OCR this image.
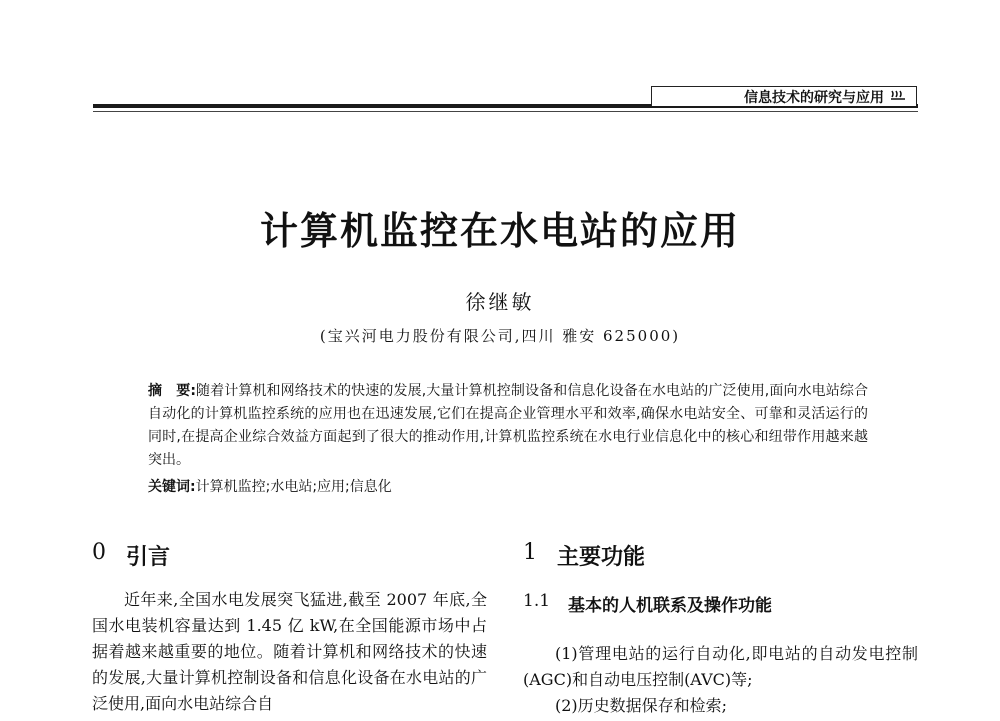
信息技术的研究与应用
计算机监控在水电站的应用
徐继敏
(宝兴河电力股份有限公司,四川 雅安 625000)
摘　要:随着计算机和网络技术的快速的发展,大量计算机控制设备和信息化设备在水电站的广泛使用,面向水电站综合自动化的计算机监控系统的应用也在迅速发展,它们在提高企业管理水平和效率,确保水电站安全、可靠和灵活运行的同时,在提高企业综合效益方面起到了很大的推动作用,计算机监控系统在水电行业信息化中的核心和纽带作用越来越突出。
关键词:计算机监控;水电站;应用;信息化
0 引言

近年来,全国水电发展突飞猛进,截至 2007 年底,全国水电装机容量达到 1.45 亿 kW,在全国能源市场中占据着越来越重要的地位。随着计算机和网络技术的快速的发展,大量计算机控制设备和信息化设备在水电站的广泛使用,面向水电站综合自

1 主要功能
1.1 基本的人机联系及操作功能

(1)管理电站的运行自动化,即电站的自动发电控制(AGC)和自动电压控制(AVC)等;

(2)历史数据保存和检索;
